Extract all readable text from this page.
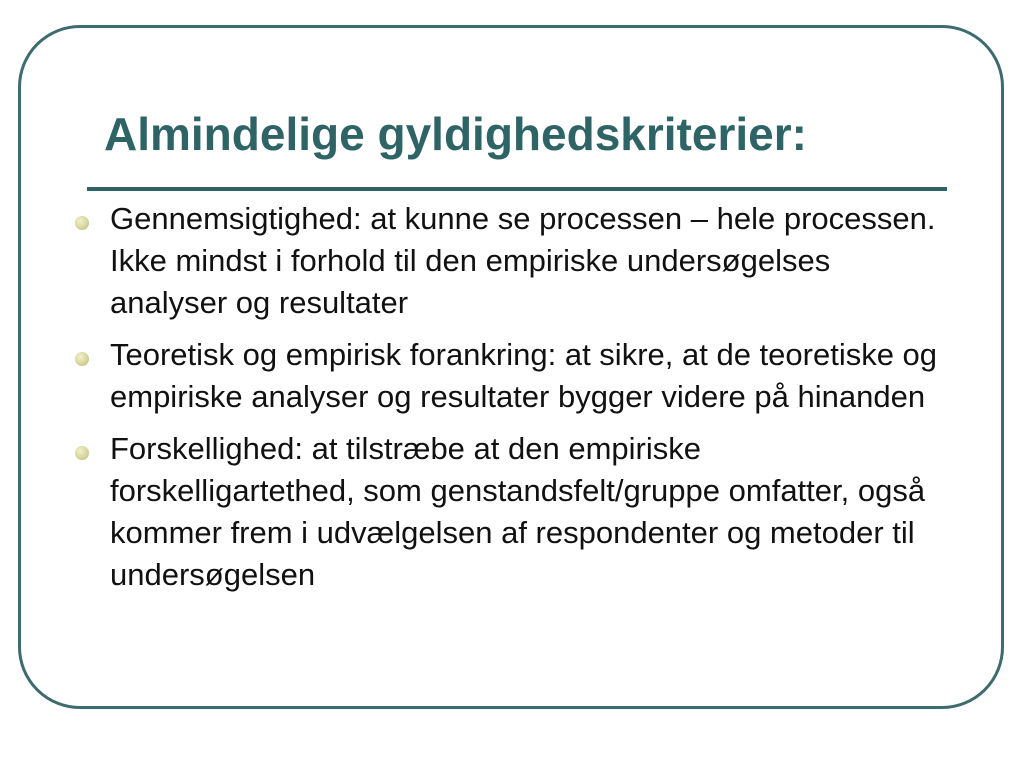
Almindelige gyldighedskriterier:
Gennemsigtighed: at kunne se processen – hele processen. Ikke mindst i forhold til den empiriske undersøgelses analyser og resultater
Teoretisk og empirisk forankring: at sikre, at de teoretiske og empiriske analyser og resultater bygger videre på hinanden
Forskellighed: at tilstræbe at den empiriske forskelligartethed, som genstandsfelt/gruppe omfatter, også kommer frem i udvælgelsen af respondenter og metoder til undersøgelsen
